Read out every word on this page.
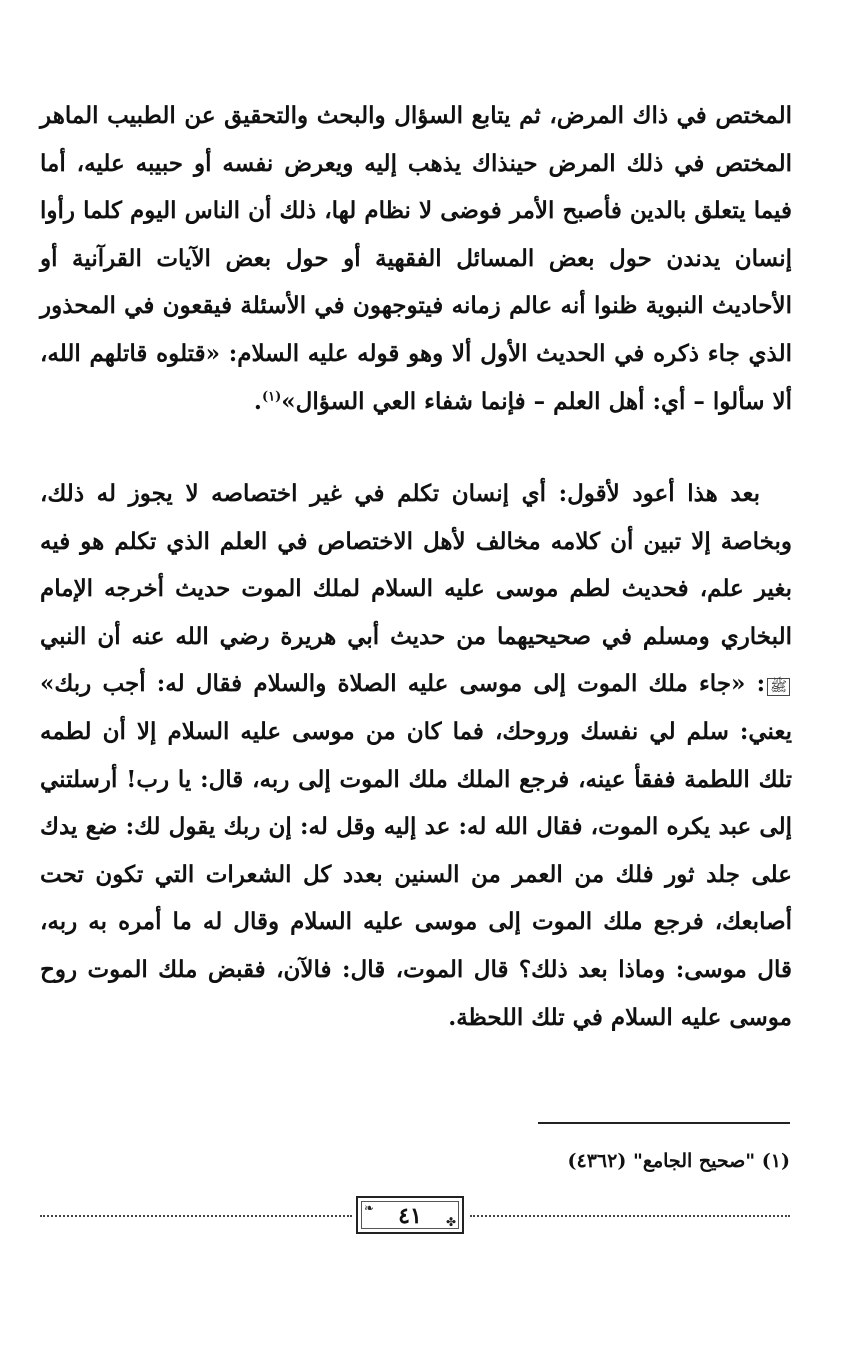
المختص في ذاك المرض، ثم يتابع السؤال والبحث والتحقيق عن الطبيب الماهر المختص في ذلك المرض حينذاك يذهب إليه ويعرض نفسه أو حبيبه عليه، أما فيما يتعلق بالدين فأصبح الأمر فوضى لا نظام لها، ذلك أن الناس اليوم كلما رأوا إنسان يدندن حول بعض المسائل الفقهية أو حول بعض الآيات القرآنية أو الأحاديث النبوية ظنوا أنه عالم زمانه فيتوجهون في الأسئلة فيقعون في المحذور الذي جاء ذكره في الحديث الأول ألا وهو قوله عليه السلام: «قتلوه قاتلهم الله، ألا سألوا – أي: أهل العلم – فإنما شفاء العي السؤال»$^{(١)}$.

بعد هذا أعود لأقول: أي إنسان تكلم في غير اختصاصه لا يجوز له ذلك، وبخاصة إلا تبين أن كلامه مخالف لأهل الاختصاص في العلم الذي تكلم هو فيه بغير علم، فحديث لطم موسى عليه السلام لملك الموت حديث أخرجه الإمام البخاري ومسلم في صحيحيهما من حديث أبي هريرة رضي الله عنه أن النبي ﷺ: «جاء ملك الموت إلى موسى عليه الصلاة والسلام فقال له: أجب ربك» يعني: سلم لي نفسك وروحك، فما كان من موسى عليه السلام إلا أن لطمه تلك اللطمة ففقأ عينه، فرجع الملك ملك الموت إلى ربه، قال: يا رب! أرسلتني إلى عبد يكره الموت، فقال الله له: عد إليه وقل له: إن ربك يقول لك: ضع يدك على جلد ثور فلك من العمر من السنين بعدد كل الشعرات التي تكون تحت أصابعك، فرجع ملك الموت إلى موسى عليه السلام وقال له ما أمره به ربه، قال موسى: وماذا بعد ذلك؟ قال الموت، قال: فالآن، فقبض ملك الموت روح موسى عليه السلام في تلك اللحظة.

(١) "صحيح الجامع" (٤٣٦٢)

❧
✤
٤١
